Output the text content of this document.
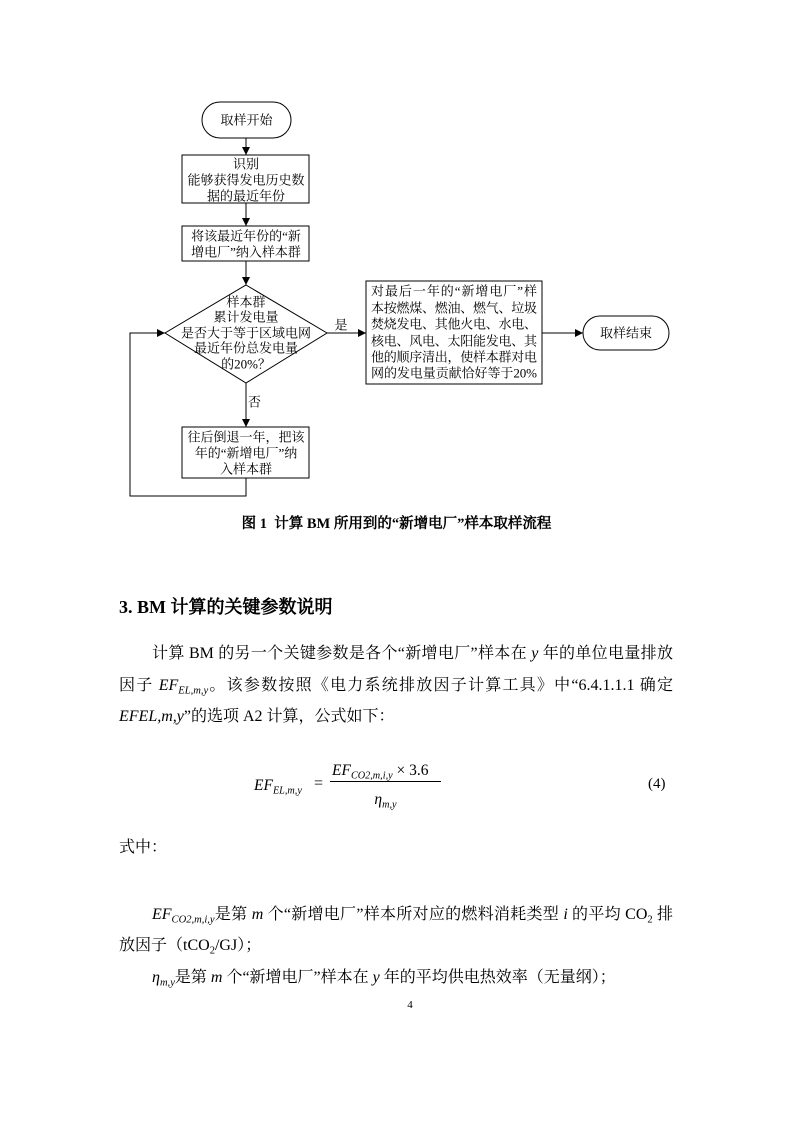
取样开始
识别
能够获得发电历史数
据的最近年份
将该最近年份的“新
增电厂”纳入样本群
样本群
累计发电量
是否大于等于区域电网
最近年份总发电量
的20%？
是
对最后一年的“新增电厂”样
本按燃煤、燃油、燃气、垃圾
焚烧发电、其他火电、水电、
核电、风电、太阳能发电、其
他的顺序清出，使样本群对电
网的发电量贡献恰好等于20%
取样结束
否
往后倒退一年，把该
年的“新增电厂”纳
入样本群
图 1  计算 BM 所用到的“新增电厂”样本取样流程
3. BM 计算的关键参数说明
计算 BM 的另一个关键参数是各个“新增电厂”样本在 y 年的单位电量排放
因子 $EF_{EL,m,y}$。该参数按照《电力系统排放因子计算工具》中“6.4.1.1.1 确定
EFEL,m,y”的选项 A2 计算，公式如下：
$EF_{EL,m,y}$ =
$EF_{CO2,m,i,y} \times 3.6$
$\eta_{m,y}$
(4)
式中：
$EF_{CO2,m,i,y}$是第 m 个“新增电厂”样本所对应的燃料消耗类型 i 的平均 $CO_2$ 排
放因子（tCO$_2$/GJ）；
$\eta_{m,y}$是第 m 个“新增电厂”样本在 y 年的平均供电热效率（无量纲）；
4
